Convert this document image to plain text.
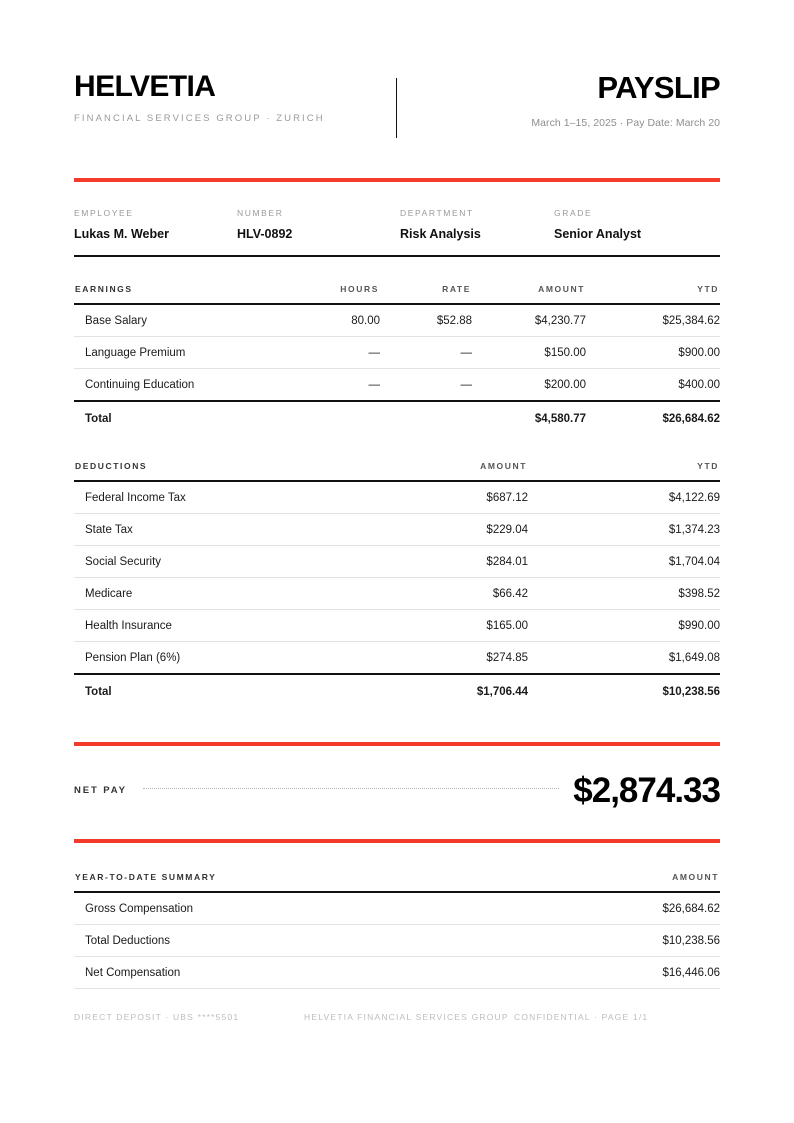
HELVETIA
FINANCIAL SERVICES GROUP · ZURICH
PAYSLIP
March 1–15, 2025 · Pay Date: March 20
EMPLOYEE
Lukas M. Weber
NUMBER
HLV-0892
DEPARTMENT
Risk Analysis
GRADE
Senior Analyst
EARNINGS	HOURS	RATE	AMOUNT	YTD
Base Salary	80.00	$52.88	$4,230.77	$25,384.62
Language Premium	—	—	$150.00	$900.00
Continuing Education	—	—	$200.00	$400.00
Total			$4,580.77	$26,684.62
DEDUCTIONS	AMOUNT	YTD
Federal Income Tax	$687.12	$4,122.69
State Tax	$229.04	$1,374.23
Social Security	$284.01	$1,704.04
Medicare	$66.42	$398.52
Health Insurance	$165.00	$990.00
Pension Plan (6%)	$274.85	$1,649.08
Total	$1,706.44	$10,238.56
NET PAY	$2,874.33
YEAR-TO-DATE SUMMARY	AMOUNT
Gross Compensation	$26,684.62
Total Deductions	$10,238.56
Net Compensation	$16,446.06
DIRECT DEPOSIT · UBS ****5501	HELVETIA FINANCIAL SERVICES GROUP CONFIDENTIAL · PAGE 1/1
